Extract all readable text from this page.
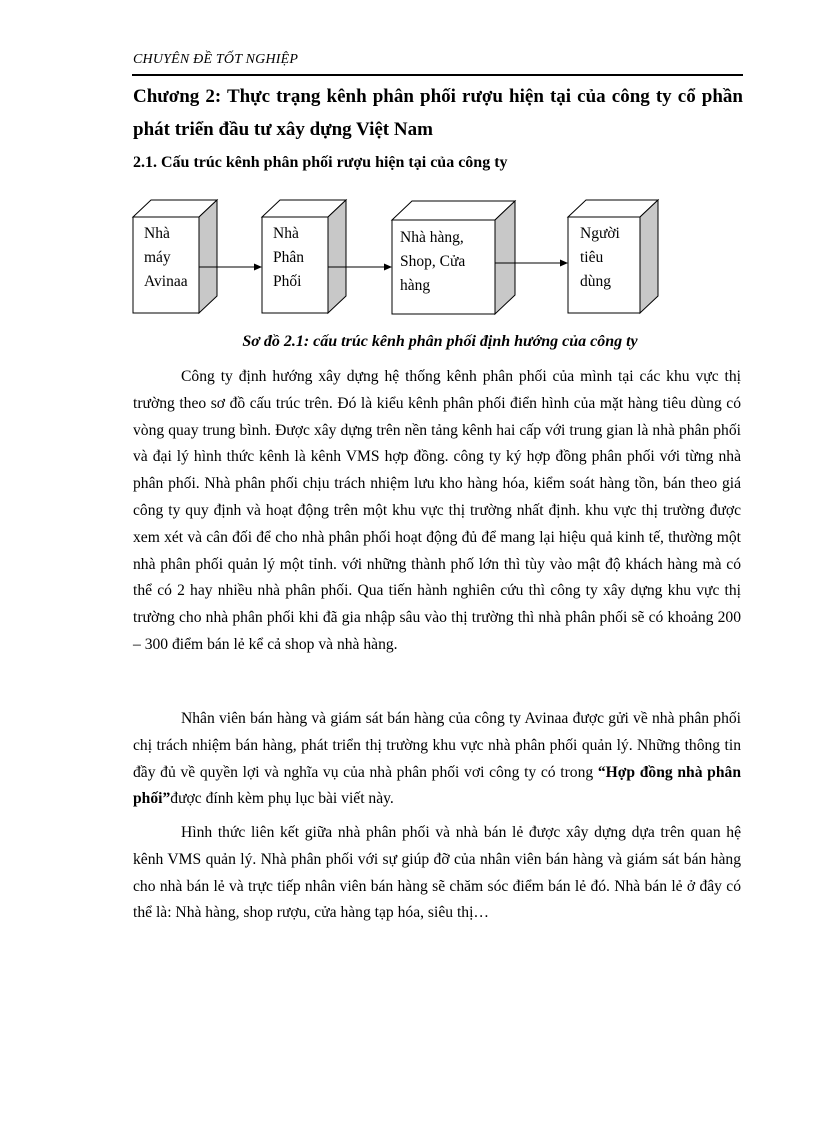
CHUYÊN ĐỀ TỐT NGHIỆP
Chương 2: Thực trạng kênh phân phối rượu hiện tại của công ty cổ phần phát triển đầu tư xây dựng Việt Nam
2.1. Cấu trúc kênh phân phối rượu hiện tại của công ty
Nhà
máy
Avinaa
Nhà
Phân
Phối
Nhà hàng,
Shop, Cửa
hàng
Người
tiêu
dùng
Sơ đồ 2.1: cấu trúc kênh phân phối định hướng của công ty

Công ty định hướng xây dựng hệ thống kênh phân phối của mình tại các khu vực thị trường theo sơ đồ cấu trúc trên. Đó là kiểu kênh phân phối điển hình của mặt hàng tiêu dùng có vòng quay trung bình. Được xây dựng trên nền tảng kênh hai cấp với trung gian là nhà phân phối và đại lý hình thức kênh là kênh VMS hợp đồng. công ty ký hợp đồng phân phối với từng nhà phân phối. Nhà phân phối chịu trách nhiệm lưu kho hàng hóa, kiểm soát hàng tồn, bán theo giá công ty quy định và hoạt động trên một khu vực thị trường nhất định. khu vực thị trường được xem xét và cân đối để cho nhà phân phối hoạt động đủ để mang lại hiệu quả kinh tế, thường một nhà phân phối quản lý một tỉnh. với những thành phố lớn thì tùy vào mật độ khách hàng mà có thể có 2 hay nhiều nhà phân phối. Qua tiến hành nghiên cứu thì công ty xây dựng khu vực thị trường cho nhà phân phối khi đã gia nhập sâu vào thị trường thì nhà phân phối sẽ có khoảng 200 – 300 điểm bán lẻ kể cả shop và nhà hàng.

Nhân viên bán hàng và giám sát bán hàng của công ty Avinaa được gửi về nhà phân phối chị trách nhiệm bán hàng, phát triển thị trường khu vực nhà phân phối quản lý. Những thông tin đầy đủ về quyền lợi và nghĩa vụ của nhà phân phối vơi công ty có trong “Hợp đồng nhà phân phối”được đính kèm phụ lục bài viết này.

Hình thức liên kết giữa nhà phân phối và nhà bán lẻ được xây dựng dựa trên quan hệ kênh VMS quản lý. Nhà phân phối với sự giúp đỡ của nhân viên bán hàng và giám sát bán hàng cho nhà bán lẻ và trực tiếp nhân viên bán hàng sẽ chăm sóc điểm bán lẻ đó. Nhà bán lẻ ở đây có thể là: Nhà hàng, shop rượu, cửa hàng tạp hóa, siêu thị…
